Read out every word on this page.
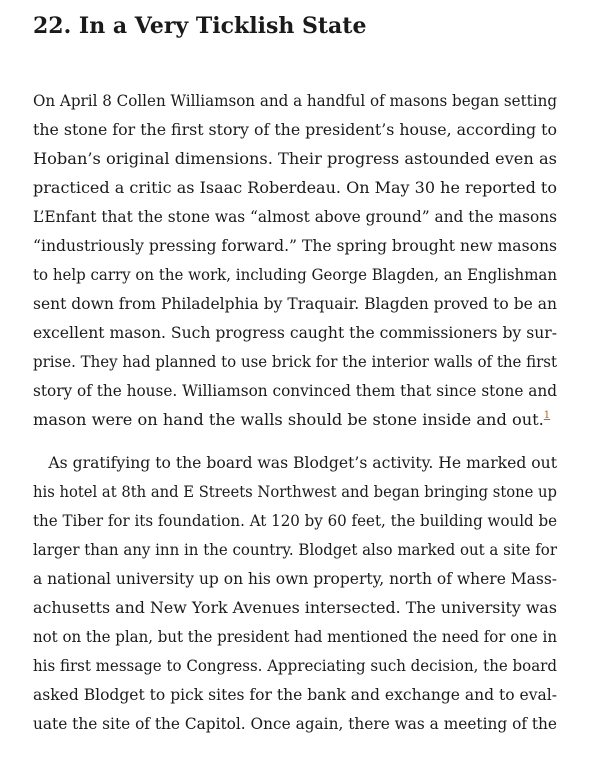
22. In a Very Ticklish State
On April 8 Collen Williamson and a handful of masons began setting
the stone for the first story of the president’s house, according to
Hoban’s original dimensions. Their progress astounded even as
practiced a critic as Isaac Roberdeau. On May 30 he reported to
L’Enfant that the stone was “almost above ground” and the masons
“industriously pressing forward.” The spring brought new masons
to help carry on the work, including George Blagden, an Englishman
sent down from Philadelphia by Traquair. Blagden proved to be an
excellent mason. Such progress caught the commissioners by sur-
prise. They had planned to use brick for the interior walls of the first
story of the house. Williamson convinced them that since stone and
mason were on hand the walls should be stone inside and out.$^1$
As gratifying to the board was Blodget’s activity. He marked out
his hotel at 8th and E Streets Northwest and began bringing stone up
the Tiber for its foundation. At 120 by 60 feet, the building would be
larger than any inn in the country. Blodget also marked out a site for
a national university up on his own property, north of where Mass-
achusetts and New York Avenues intersected. The university was
not on the plan, but the president had mentioned the need for one in
his first message to Congress. Appreciating such decision, the board
asked Blodget to pick sites for the bank and exchange and to eval-
uate the site of the Capitol. Once again, there was a meeting of the
